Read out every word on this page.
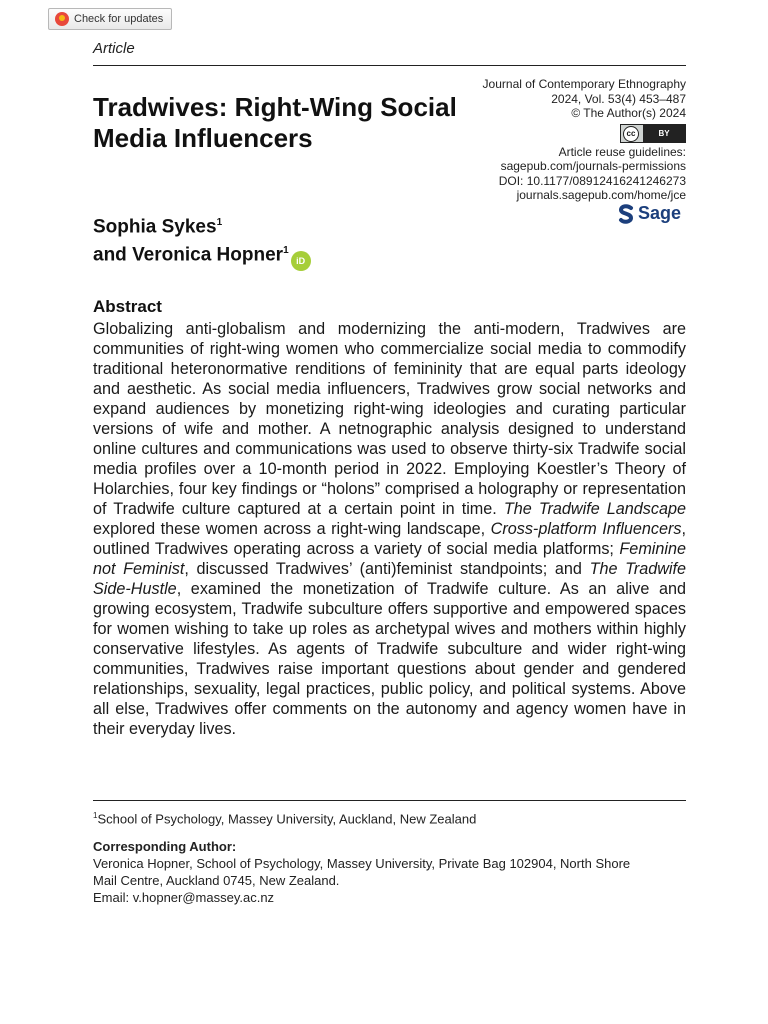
Check for updates
Article
Tradwives: Right-Wing Social Media Influencers
Journal of Contemporary Ethnography
2024, Vol. 53(4) 453–487
© The Author(s) 2024
cc	BY
Article reuse guidelines:
sagepub.com/journals-permissions
DOI: 10.1177/08912416241246273
journals.sagepub.com/home/jce
Sage
Sophia Sykes$^1$
and Veronica Hopner$^1$iD
Abstract

Globalizing anti-globalism and modernizing the anti-modern, Tradwives are communities of right-wing women who commercialize social media to commodify traditional heteronormative renditions of femininity that are equal parts ideology and aesthetic. As social media influencers, Tradwives grow social networks and expand audiences by monetizing right-wing ideologies and curating particular versions of wife and mother. A netnographic analysis designed to understand online cultures and communications was used to observe thirty-six Tradwife social media profiles over a 10-month period in 2022. Employing Koestler’s Theory of Holarchies, four key findings or “holons” comprised a holography or representation of Tradwife culture captured at a certain point in time. The Tradwife Landscape explored these women across a right-wing landscape, Cross-platform Influencers, outlined Tradwives operating across a variety of social media platforms; Feminine not Feminist, discussed Tradwives’ (anti)feminist standpoints; and The Tradwife Side-Hustle, examined the monetization of Tradwife culture. As an alive and growing ecosystem, Tradwife subculture offers supportive and empowered spaces for women wishing to take up roles as archetypal wives and mothers within highly conservative lifestyles. As agents of Tradwife subculture and wider right-wing communities, Tradwives raise important questions about gender and gendered relationships, sexuality, legal practices, public policy, and political systems. Above all else, Tradwives offer comments on the autonomy and agency women have in their everyday lives.

$^1$School of Psychology, Massey University, Auckland, New Zealand
Corresponding Author:
Veronica Hopner, School of Psychology, Massey University, Private Bag 102904, North Shore
Mail Centre, Auckland 0745, New Zealand.
Email: v.hopner@massey.ac.nz
